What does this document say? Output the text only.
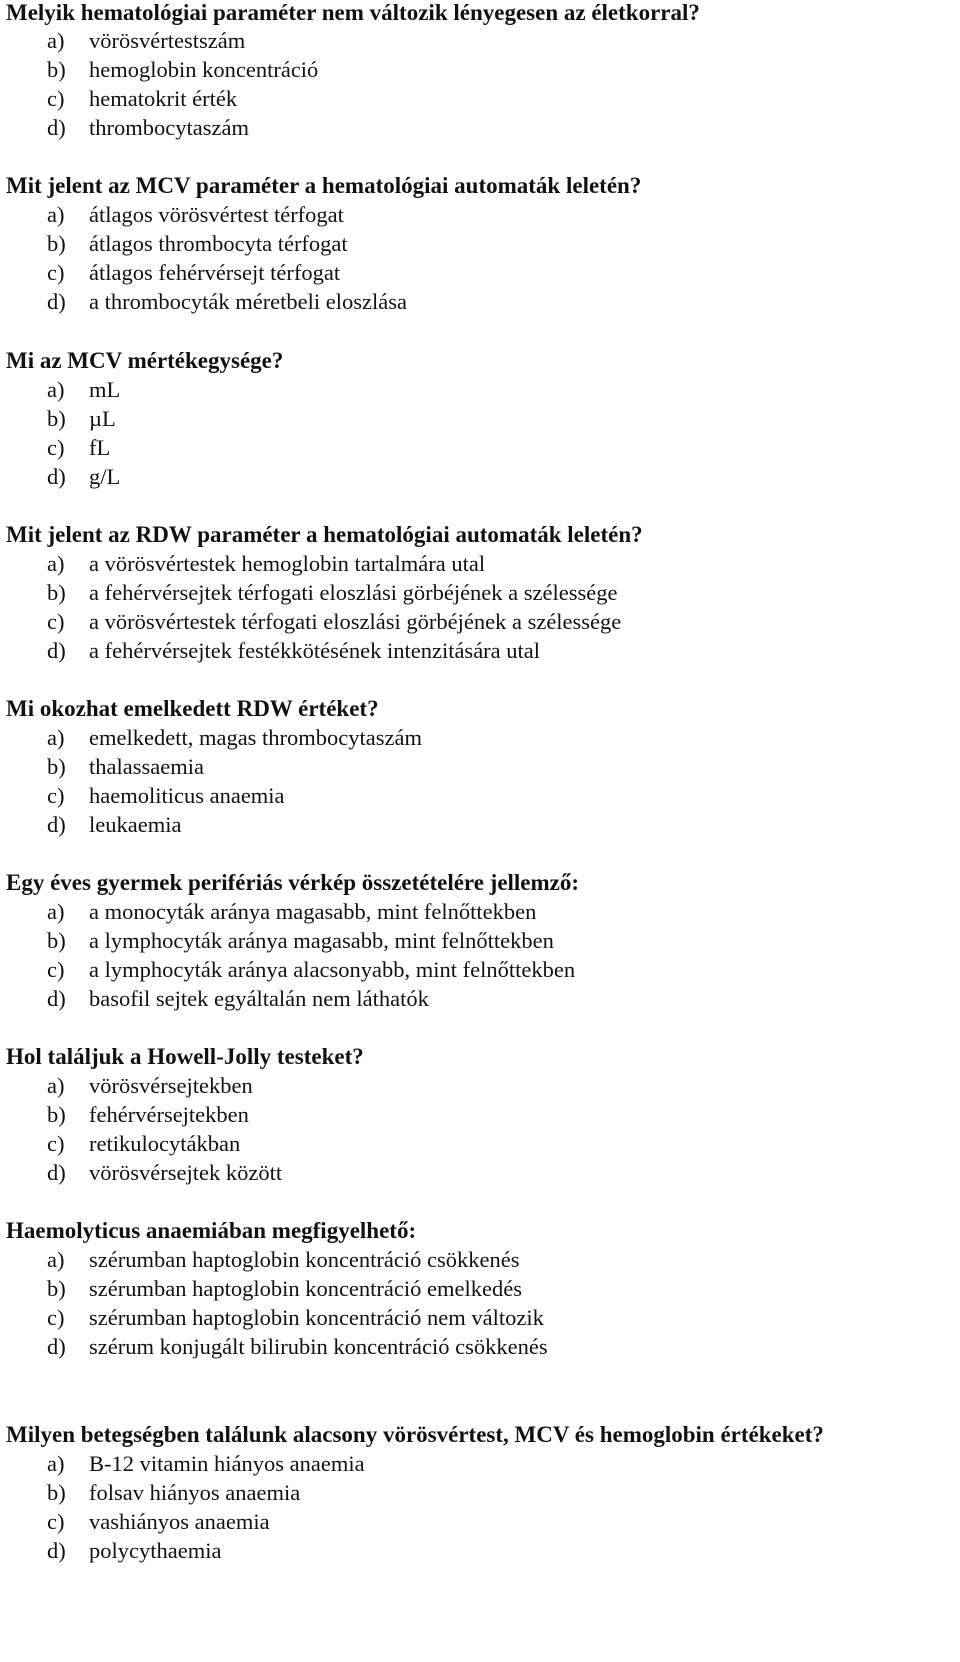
Melyik hematológiai paraméter nem változik lényegesen az életkorral?
a) vörösvértestszám
b) hemoglobin koncentráció
c) hematokrit érték
d) thrombocytaszám
Mit jelent az MCV paraméter a hematológiai automaták leletén?
a) átlagos vörösvértest térfogat
b) átlagos thrombocyta térfogat
c) átlagos fehérvérsejt térfogat
d) a thrombocyták méretbeli eloszlása
Mi az MCV mértékegysége?
a) mL
b) µL
c) fL
d) g/L
Mit jelent az RDW paraméter a hematológiai automaták leletén?
a) a vörösvértestek hemoglobin tartalmára utal
b) a fehérvérsejtek térfogati eloszlási görbéjének a szélessége
c) a vörösvértestek térfogati eloszlási görbéjének a szélessége
d) a fehérvérsejtek festékkötésének intenzitására utal
Mi okozhat emelkedett RDW értéket?
a) emelkedett, magas thrombocytaszám
b) thalassaemia
c) haemoliticus anaemia
d) leukaemia
Egy éves gyermek perifériás vérkép összetételére jellemző:
a) a monocyták aránya magasabb, mint felnőttekben
b) a lymphocyták aránya magasabb, mint felnőttekben
c) a lymphocyták aránya alacsonyabb, mint felnőttekben
d) basofil sejtek egyáltalán nem láthatók
Hol találjuk a Howell-Jolly testeket?
a) vörösvérsejtekben
b) fehérvérsejtekben
c) retikulocytákban
d) vörösvérsejtek között
Haemolyticus anaemiában megfigyelhető:
a) szérumban haptoglobin koncentráció csökkenés
b) szérumban haptoglobin koncentráció emelkedés
c) szérumban haptoglobin koncentráció nem változik
d) szérum konjugált bilirubin koncentráció csökkenés
Milyen betegségben találunk alacsony vörösvértest, MCV és hemoglobin értékeket?
a) B-12 vitamin hiányos anaemia
b) folsav hiányos anaemia
c) vashiányos anaemia
d) polycythaemia
